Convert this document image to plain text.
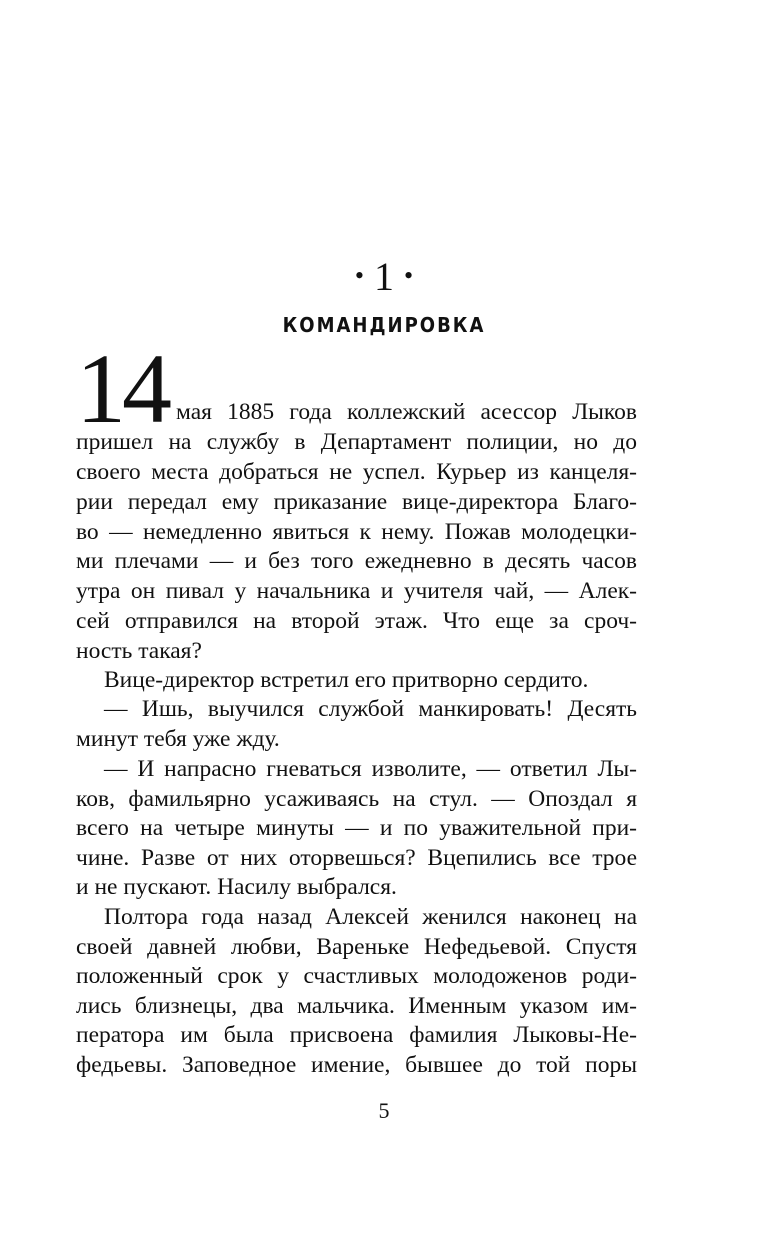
• 1 •
КОМАНДИРОВКА
14 мая 1885 года коллежский асессор Лыков
пришел на службу в Департамент полиции, но до
своего места добраться не успел. Курьер из канцеля-
рии передал ему приказание вице-директора Благо-
во — немедленно явиться к нему. Пожав молодецки-
ми плечами — и без того ежедневно в десять часов
утра он пивал у начальника и учителя чай, — Алек-
сей отправился на второй этаж. Что еще за сроч-
ность такая?
Вице-директор встретил его притворно сердито.
— Ишь, выучился службой манкировать! Десять
минут тебя уже жду.
— И напрасно гневаться изволите, — ответил Лы-
ков, фамильярно усаживаясь на стул. — Опоздал я
всего на четыре минуты — и по уважительной при-
чине. Разве от них оторвешься? Вцепились все трое
и не пускают. Насилу выбрался.
Полтора года назад Алексей женился наконец на
своей давней любви, Вареньке Нефедьевой. Спустя
положенный срок у счастливых молодоженов роди-
лись близнецы, два мальчика. Именным указом им-
ператора им была присвоена фамилия Лыковы-Не-
федьевы. Заповедное имение, бывшее до той поры
5
